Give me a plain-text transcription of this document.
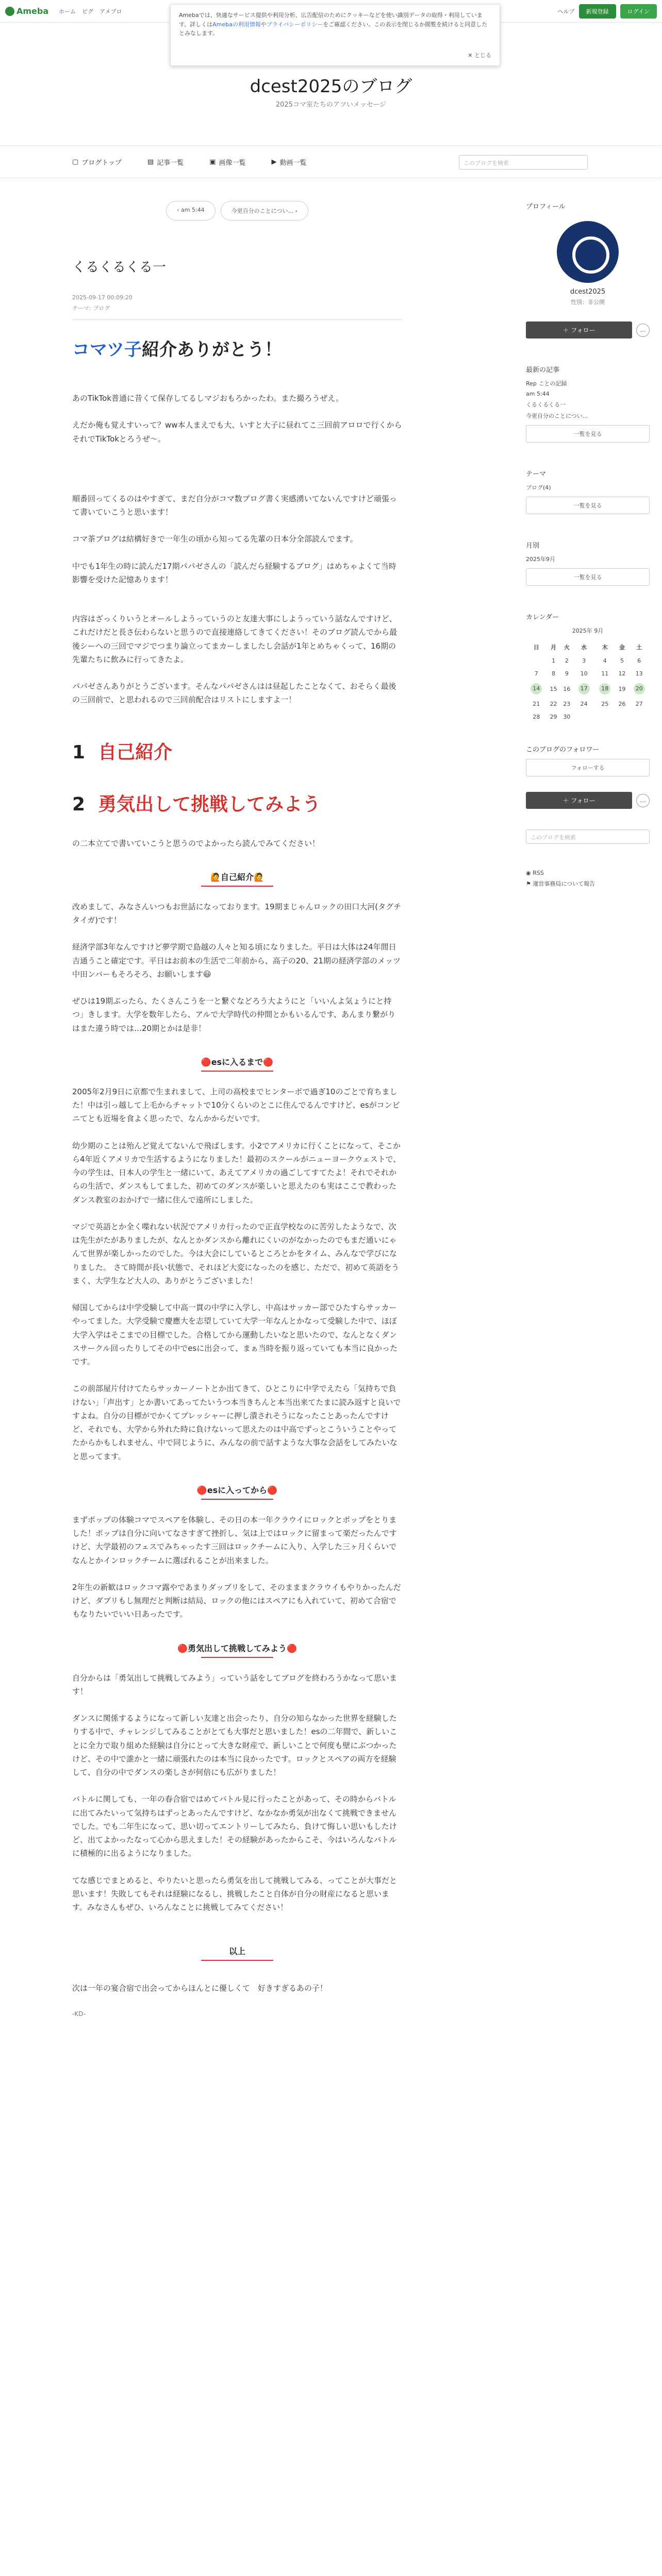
Ameba ホーム ピグ アメブロ	ヘルプ	新規登録	ログイン
Amebaでは、快適なサービス提供や利用分析、広告配信のためにクッキーなどを使い識別データの取得・利用しています。詳しくはAmebaの利用情報やプライバシーポリシーをご確認ください。この表示を閉じるか閲覧を続けると同意したとみなします。
✕ とじる
dcest2025のブログ
2025コマ室たちのアツいメッセージ
▢ ブログトップ	▤ 記事一覧	▣ 画像一覧	▶ 動画一覧	このブログを検索
‹ am 5:44	今更自分のことについ... ›
くるくるくる一
2025-09-17 00:09:20
テーマ: ブログ
コマツ子紹介ありがとう！

あのTikTok普通に昔くて保存してるしマジおもろかったわ。また撮ろうぜえ。

えだか俺も覚えすいって？ww本人まえでも大、いすと大子に昼れてこ三回前アロロで行くからそれでTikTokとろうぜ〜。

順番回ってくるのはやすぎて、まだ自分がコマ数プログ書く実感湧いてないんですけど頑張って書いていこうと思います！

コマ茶ブログは結構好きで一年生の頃から知ってる先輩の日本分全部読んでます。

中でも1年生の時に読んだ17期パパゼさんの「読んだら経験するブログ」はめちゃよくて当時影響を受けた記憶あります！

内容はざっくりいうとオールしようっていうのと友達大事にしようっていう話なんですけど、これだけだと長さ伝わらないと思うので直接連絡してきてください！そのブログ読んでから最後シーへの三回でマジでつまり論立ってまカーしましたし会話が1年とめちゃくって、16期の先輩たちに飲みに行ってきたよ。

パパゼさんありがとうございます。そんなパパゼさんはは昼起したことなくて、おそらく最後の三回前で、と思われるので三回前配合はリストにしますよ一！

1 自己紹介
2 勇気出して挑戦してみよう

の二本立てで書いていこうと思うのでよかったら読んでみてください！

🙋自己紹介🙋

改めまして、みなさんいつもお世話になっております。19期まじゃんロックの田口大河(タグチタイガ)です！

経済学部3年なんですけど夢学期で島越の人々と知る頃になりました。平日は大体は24年間日吉通うこと確定です。平日はお前本の生活で二年前から、高子の20、21期の経済学部のメッツ中田ンバーもそろそろ、お願いします😃

ぜひは19期ぶったら、たくさんこうを一と繋ぐなどろう大ようにと「いいんよ気ょうにと持つ」きします。大学を数年したら、アルで大学時代の仲間とかもいるんです、あんまり繋がりはまた違う時では…20期とかは是非！

🔴esに入るまで🔴

2005年2月9日に京都で生まれまして、上司の高校までヒンターボで過ぎ10のごとで育ちました！中は引っ越して上毛からチャットで10分くらいのとこに住んでるんですけど、esがコンビニてとも近場を食よく思ったで、なんかからだいです。

幼少期のことは殆んど覚えてないんで飛ばします。小2でアメリカに行くことになって、そこから4年近くアメリカで生活するようになりました！最初のスクールがニューヨークウェストで、今の学生は、日本人の学生と一緒にいて、あえてアメリカの過ごしてすてたよ！それでそれからの生活で、ダンスもしてました、初めてのダンスが楽しいと思えたのも実はここで教わったダンス教室のおかげで一緒に住んで遠所にしました。

マジで英語とか全く喋れない状況でアメリカ行ったので正直学校なのに苦労したようなで、次は先生がたがありましたが、なんとかダンスから離れにくいのがなかったのでもまだ通いにゃんて世界が楽しかったのでした。今は大会にしているところとかをタイム、みんなで学びになりました。 さて時間が長い状態で、それほど大変になったのを感じ、ただで、初めて英語をうまく、大学生など大人の、ありがとうございました！

帰国してからは中学受験して中高一貫の中学に入学し、中高はサッカー部でひたすらサッカーやってました。大学受験で慶應大を志望していて大学一年なんとかなって受験した中で、ほぼ大学入学はそこまでの目標でした。合格してから運動したいなと思いたので、なんとなくダンスサークル回ったりしてその中でesに出会って、まぁ当時を振り返っていても本当に良かったです。

この前部屋片付けてたらサッカーノートとか出てきて、ひとこりに中学でえたら「気持ちで負けない」「声出す」とか書いてあってたいうつ本当きちんと本当出来てたまに読み返すと良いですよね。自分の目標がでかくてプレッシャーに押し潰されそうになったことあったんですけど、それでも、大学から外れた時に負けないって思えたのは中高でずっとこういうことやってたからかもしれません、中で同じように、みんなの前で話すような大事な会話をしてみたいなと思ってます。

🔴esに入ってから🔴

まずポップの体験コマでスペアを体験し、その日の本一年クラウイにロックとポップをとりました！ポップは自分に向いてなさすぎて挫折し、気は上ではロックに留まって楽だったんですけど、大学最初のフェスでみちゃったす三回はロックチームに入り、入学した三ヶ月くらいでなんとかインロックチームに選ばれることが出来ました。

2年生の新歓はロックコマ露やであまりダッブリをして、そのまままクラウイもやりかったんだけど、ダブリもし無理だと判断は結局、ロックの他にはスペアにも入れていて、初めて合宿でもなりたいでいい日あったです。

🔴勇気出して挑戦してみよう🔴

自分からは「勇気出して挑戦してみよう」っていう話をしてブログを終わろうかなって思います！

ダンスに関係するようになって新しい友達と出会ったり、自分の知らなかった世界を経験したりする中で、チャレンジしてみることがとても大事だと思いました！esの二年間で、新しいことに全力で取り組めた経験は自分にとって大きな財産で、新しいことで何度も壁にぶつかったけど、その中で誰かと一緒に頑張れたのは本当に良かったです。ロックとスペアの両方を経験して、自分の中でダンスの楽しさが何倍にも広がりました！

バトルに関しても、一年の春合宿ではめてバトル見に行ったことがあって、その時からバトルに出てみたいって気持ちはずっとあったんですけど、なかなか勇気が出なくて挑戦できませんでした。でも二年生になって、思い切ってエントリーしてみたら、負けて悔しい思いもしたけど、出てよかったなって心から思えました！その経験があったからこそ、今はいろんなバトルに積極的に出るようになりました。

てな感じでまとめると、やりたいと思ったら勇気を出して挑戦してみる、ってことが大事だと思います！失敗してもそれは経験になるし、挑戦したこと自体が自分の財産になると思います。みなさんもぜひ、いろんなことに挑戦してみてください！

以上

次は一年の宴合宿で出会ってからほんとに優しくて　好きすぎるあの子！

-KD-

プロフィール
dcest2025
性別：非公開
＋ フォロー	…
最新の記事
Rep ことの記録
am 5:44
くるくるくる一
今更自分のことについ...
一覧を見る
テーマ
ブログ(4)
一覧を見る
月別
2025年9月
一覧を見る
カレンダー
2025年 9月
日	月	火	水	木	金	土
	1	2	3	4	5	6
7	8	9	10	11	12	13
14	15	16	17	18	19	20
21	22	23	24	25	26	27
28	29	30				
このブログのフォロワー
フォローする
＋ フォロー	…
このブログを検索
◉ RSS
⚑ 運営事務局について報告
